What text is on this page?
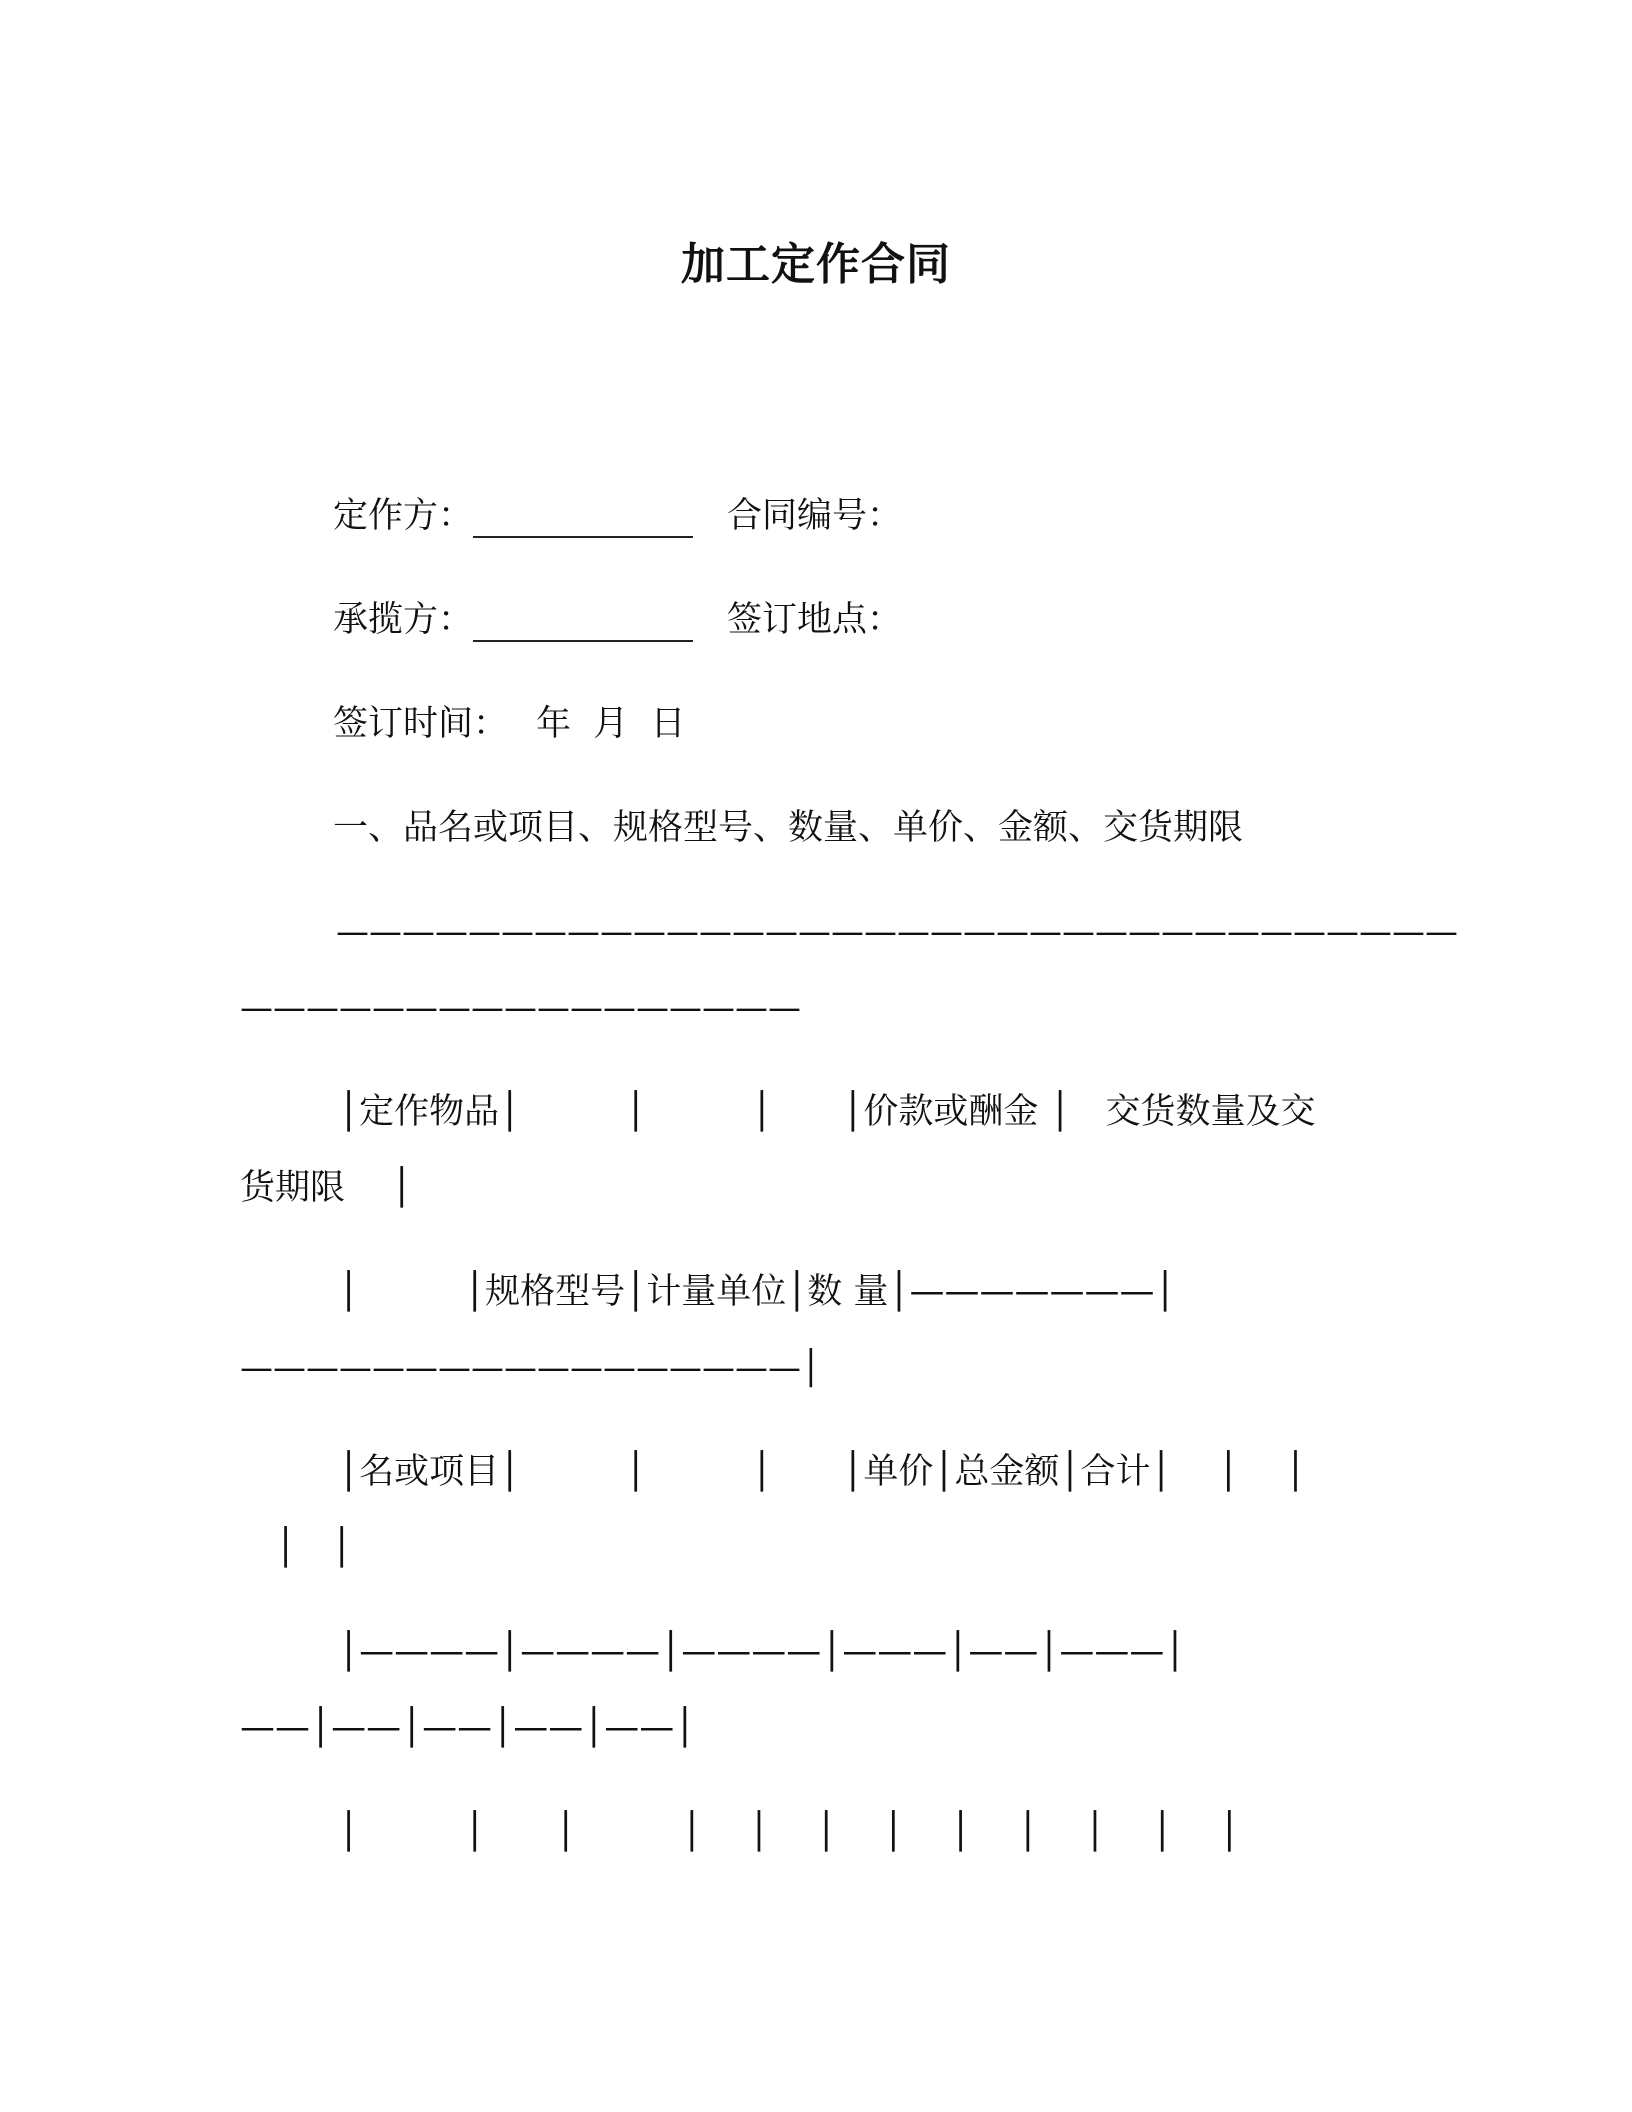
加工定作合同
定作方：	合同编号：
承揽方：	签订地点：
签订时间： 年  月  日
一、品名或项目、规格型号、数量、单价、金额、交货期限
——————————————————————————————————
—————————————————
│定作物品│　　　│　　　│　　│价款或酬金 │　交货数量及交
货期限　 │
│　　　│规格型号│计量单位│数 量│———————│
—————————————————│
│名或项目│　　　│　　　│　　│单价│总金额│合计│　 │　 │
　│　│
│————│————│————│———│——│———│
——│——│——│——│——│
│　　　│　　│　　　│　 │　 │　 │　 │　 │　 │　 │　 │
